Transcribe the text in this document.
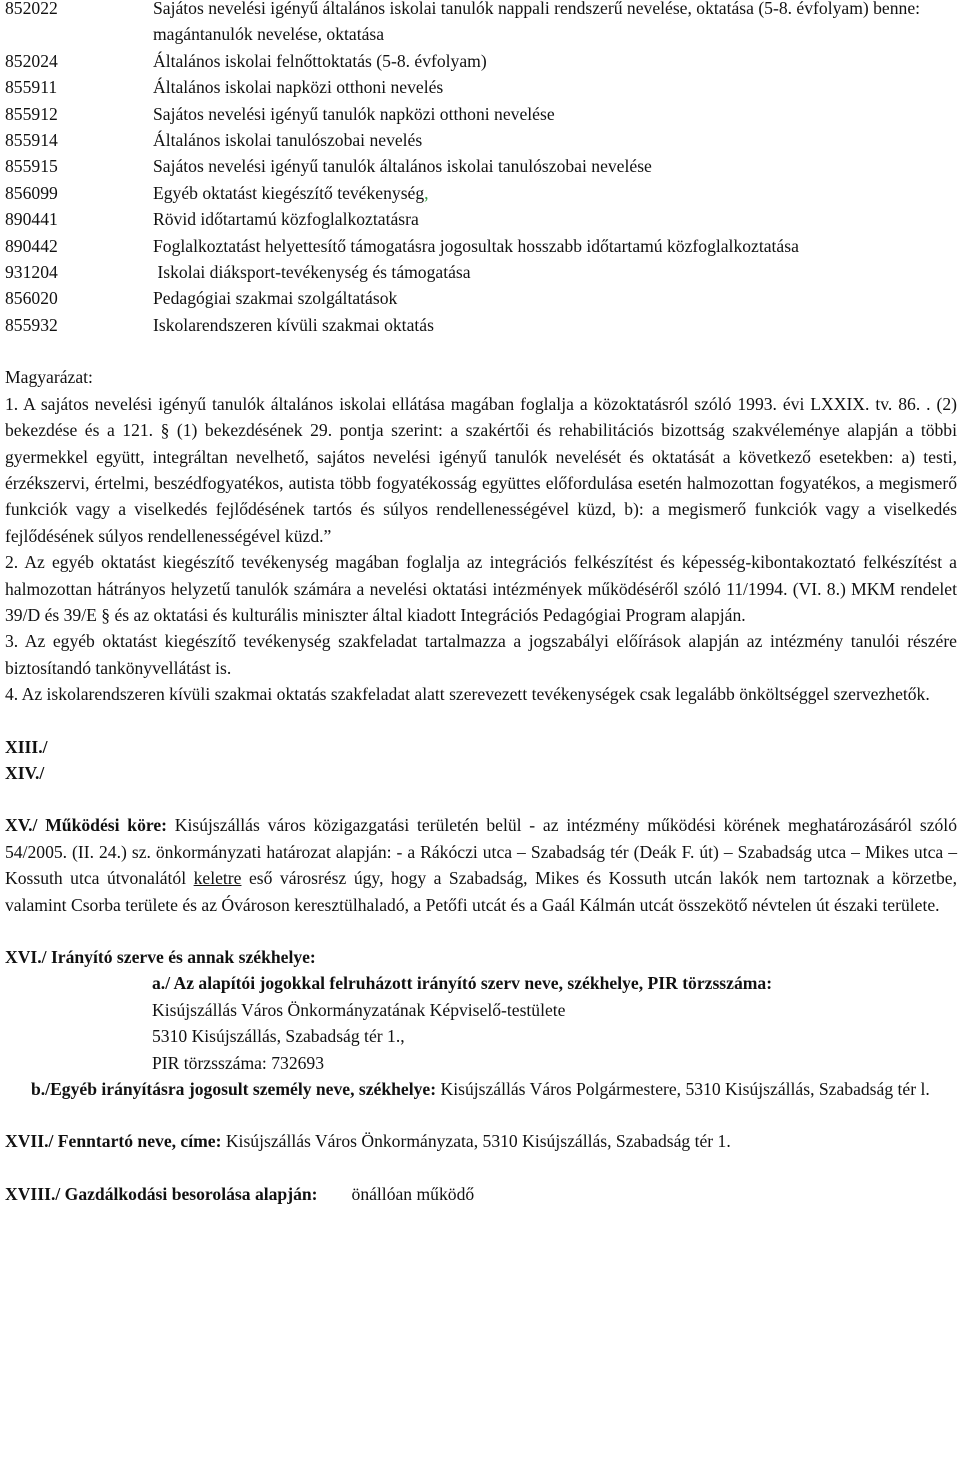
852022	Sajátos nevelési igényű általános iskolai tanulók nappali rendszerű nevelése, oktatása (5-8. évfolyam) benne: magántanulók nevelése, oktatása
852024	Általános iskolai felnőttoktatás (5-8. évfolyam)
855911	Általános iskolai napközi otthoni nevelés
855912	Sajátos nevelési igényű tanulók napközi otthoni nevelése
855914	Általános iskolai tanulószobai nevelés
855915	Sajátos nevelési igényű tanulók általános iskolai tanulószobai nevelése
856099	Egyéb oktatást kiegészítő tevékenység,
890441	Rövid időtartamú közfoglalkoztatásra
890442	Foglalkoztatást helyettesítő támogatásra jogosultak hosszabb időtartamú közfoglalkoztatása
931204	Iskolai diáksport-tevékenység és támogatása
856020	Pedagógiai szakmai szolgáltatások
855932	Iskolarendszeren kívüli szakmai oktatás
Magyarázat:
1. A sajátos nevelési igényű tanulók általános iskolai ellátása magában foglalja a közoktatásról szóló 1993. évi LXXIX. tv. 86. . (2) bekezdése és a 121. § (1) bekezdésének 29. pontja szerint: a szakértői és rehabilitációs bizottság szakvéleménye alapján a többi gyermekkel együtt, integráltan nevelhető, sajátos nevelési igényű tanulók nevelését és oktatását a következő esetekben: a) testi, érzékszervi, értelmi, beszédfogyatékos, autista több fogyatékosság együttes előfordulása esetén halmozottan fogyatékos, a megismerő funkciók vagy a viselkedés fejlődésének tartós és súlyos rendellenességével küzd, b): a megismerő funkciók vagy a viselkedés fejlődésének súlyos rendellenességével küzd.”
2. Az egyéb oktatást kiegészítő tevékenység magában foglalja az integrációs felkészítést és képesség-kibontakoztató felkészítést a halmozottan hátrányos helyzetű tanulók számára a nevelési oktatási intézmények működéséről szóló 11/1994. (VI. 8.) MKM rendelet 39/D és 39/E § és az oktatási és kulturális miniszter által kiadott Integrációs Pedagógiai Program alapján.
3. Az egyéb oktatást kiegészítő tevékenység szakfeladat tartalmazza a jogszabályi előírások alapján az intézmény tanulói részére biztosítandó tankönyvellátást is.
4. Az iskolarendszeren kívüli szakmai oktatás szakfeladat alatt szerevezett tevékenységek csak legalább önköltséggel szervezhetők.
XIII./
XIV./
XV./ Működési köre: Kisújszállás város közigazgatási területén belül - az intézmény működési körének meghatározásáról szóló 54/2005. (II. 24.) sz. önkormányzati határozat alapján: - a Rákóczi utca – Szabadság tér (Deák F. út) – Szabadság utca – Mikes utca – Kossuth utca útvonalától keletre eső városrész úgy, hogy a Szabadság, Mikes és Kossuth utcán lakók nem tartoznak a körzetbe, valamint Csorba területe és az Óvároson keresztülhaladó, a Petőfi utcát és a Gaál Kálmán utcát összekötő névtelen út északi területe.
XVI./ Irányító szerve és annak székhelye:
a./ Az alapítói jogokkal felruházott irányító szerv neve, székhelye, PIR törzsszáma:
Kisújszállás Város Önkormányzatának Képviselő-testülete
5310 Kisújszállás, Szabadság tér 1.,
PIR törzsszáma: 732693
b./Egyéb irányításra jogosult személy neve, székhelye: Kisújszállás Város Polgármestere, 5310 Kisújszállás, Szabadság tér l.
XVII./ Fenntartó neve, címe: Kisújszállás Város Önkormányzata, 5310 Kisújszállás, Szabadság tér 1.
XVIII./ Gazdálkodási besorolása alapján: önállóan működő
